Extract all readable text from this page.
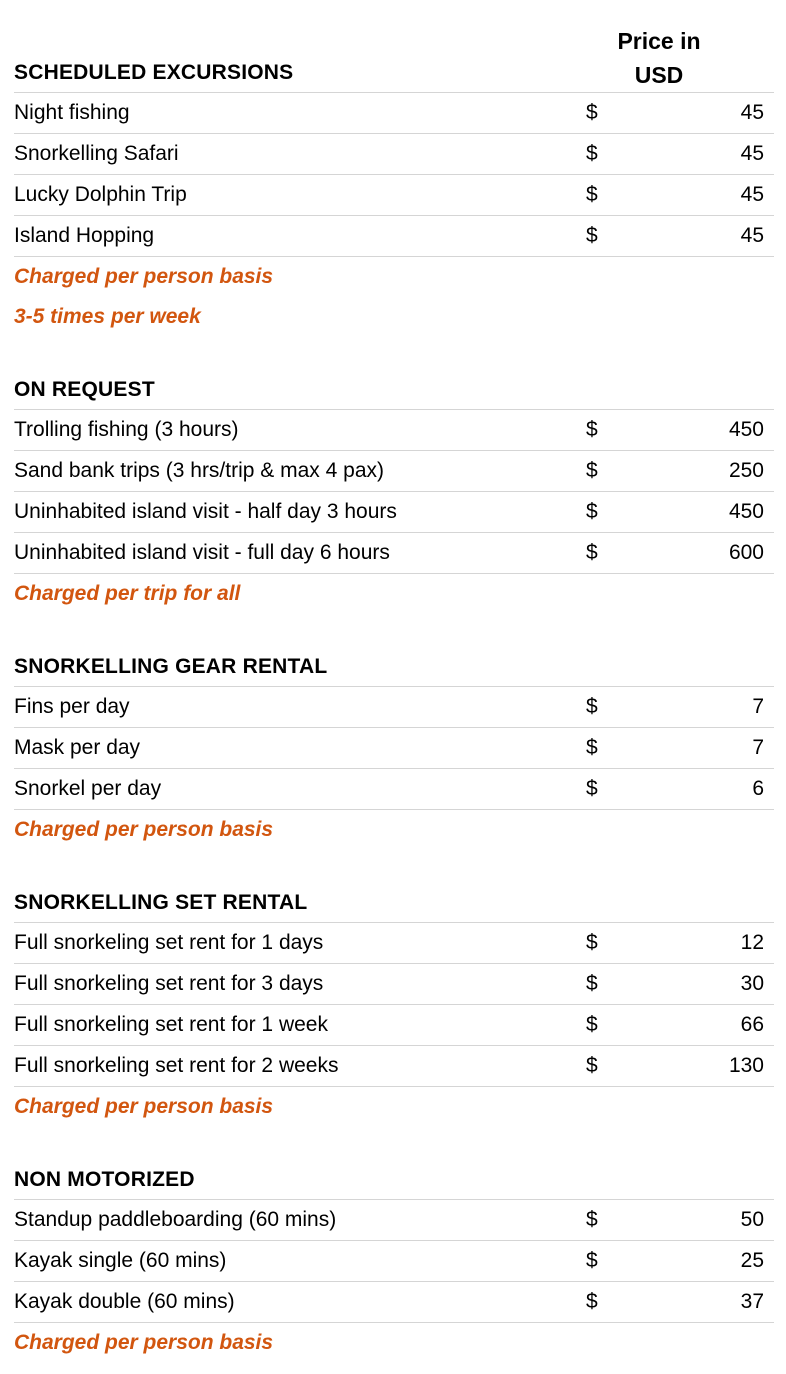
SCHEDULED EXCURSIONS
Price in
USD
Night fishing	$	45
Snorkelling Safari	$	45
Lucky Dolphin Trip	$	45
Island Hopping	$	45
Charged per person basis
3-5 times per week
ON REQUEST
Trolling fishing (3 hours)	$	450
Sand bank trips (3 hrs/trip & max 4 pax)	$	250
Uninhabited island visit - half day 3 hours	$	450
Uninhabited island visit - full day 6 hours	$	600
Charged per trip for all
SNORKELLING GEAR RENTAL
Fins per day	$	7
Mask per day	$	7
Snorkel per day	$	6
Charged per person basis
SNORKELLING SET RENTAL
Full snorkeling set rent for 1 days	$	12
Full snorkeling set rent for 3 days	$	30
Full snorkeling set rent for 1 week	$	66
Full snorkeling set rent for 2 weeks	$	130
Charged per person basis
NON MOTORIZED
Standup paddleboarding (60 mins)	$	50
Kayak single (60 mins)	$	25
Kayak double (60 mins)	$	37
Charged per person basis
